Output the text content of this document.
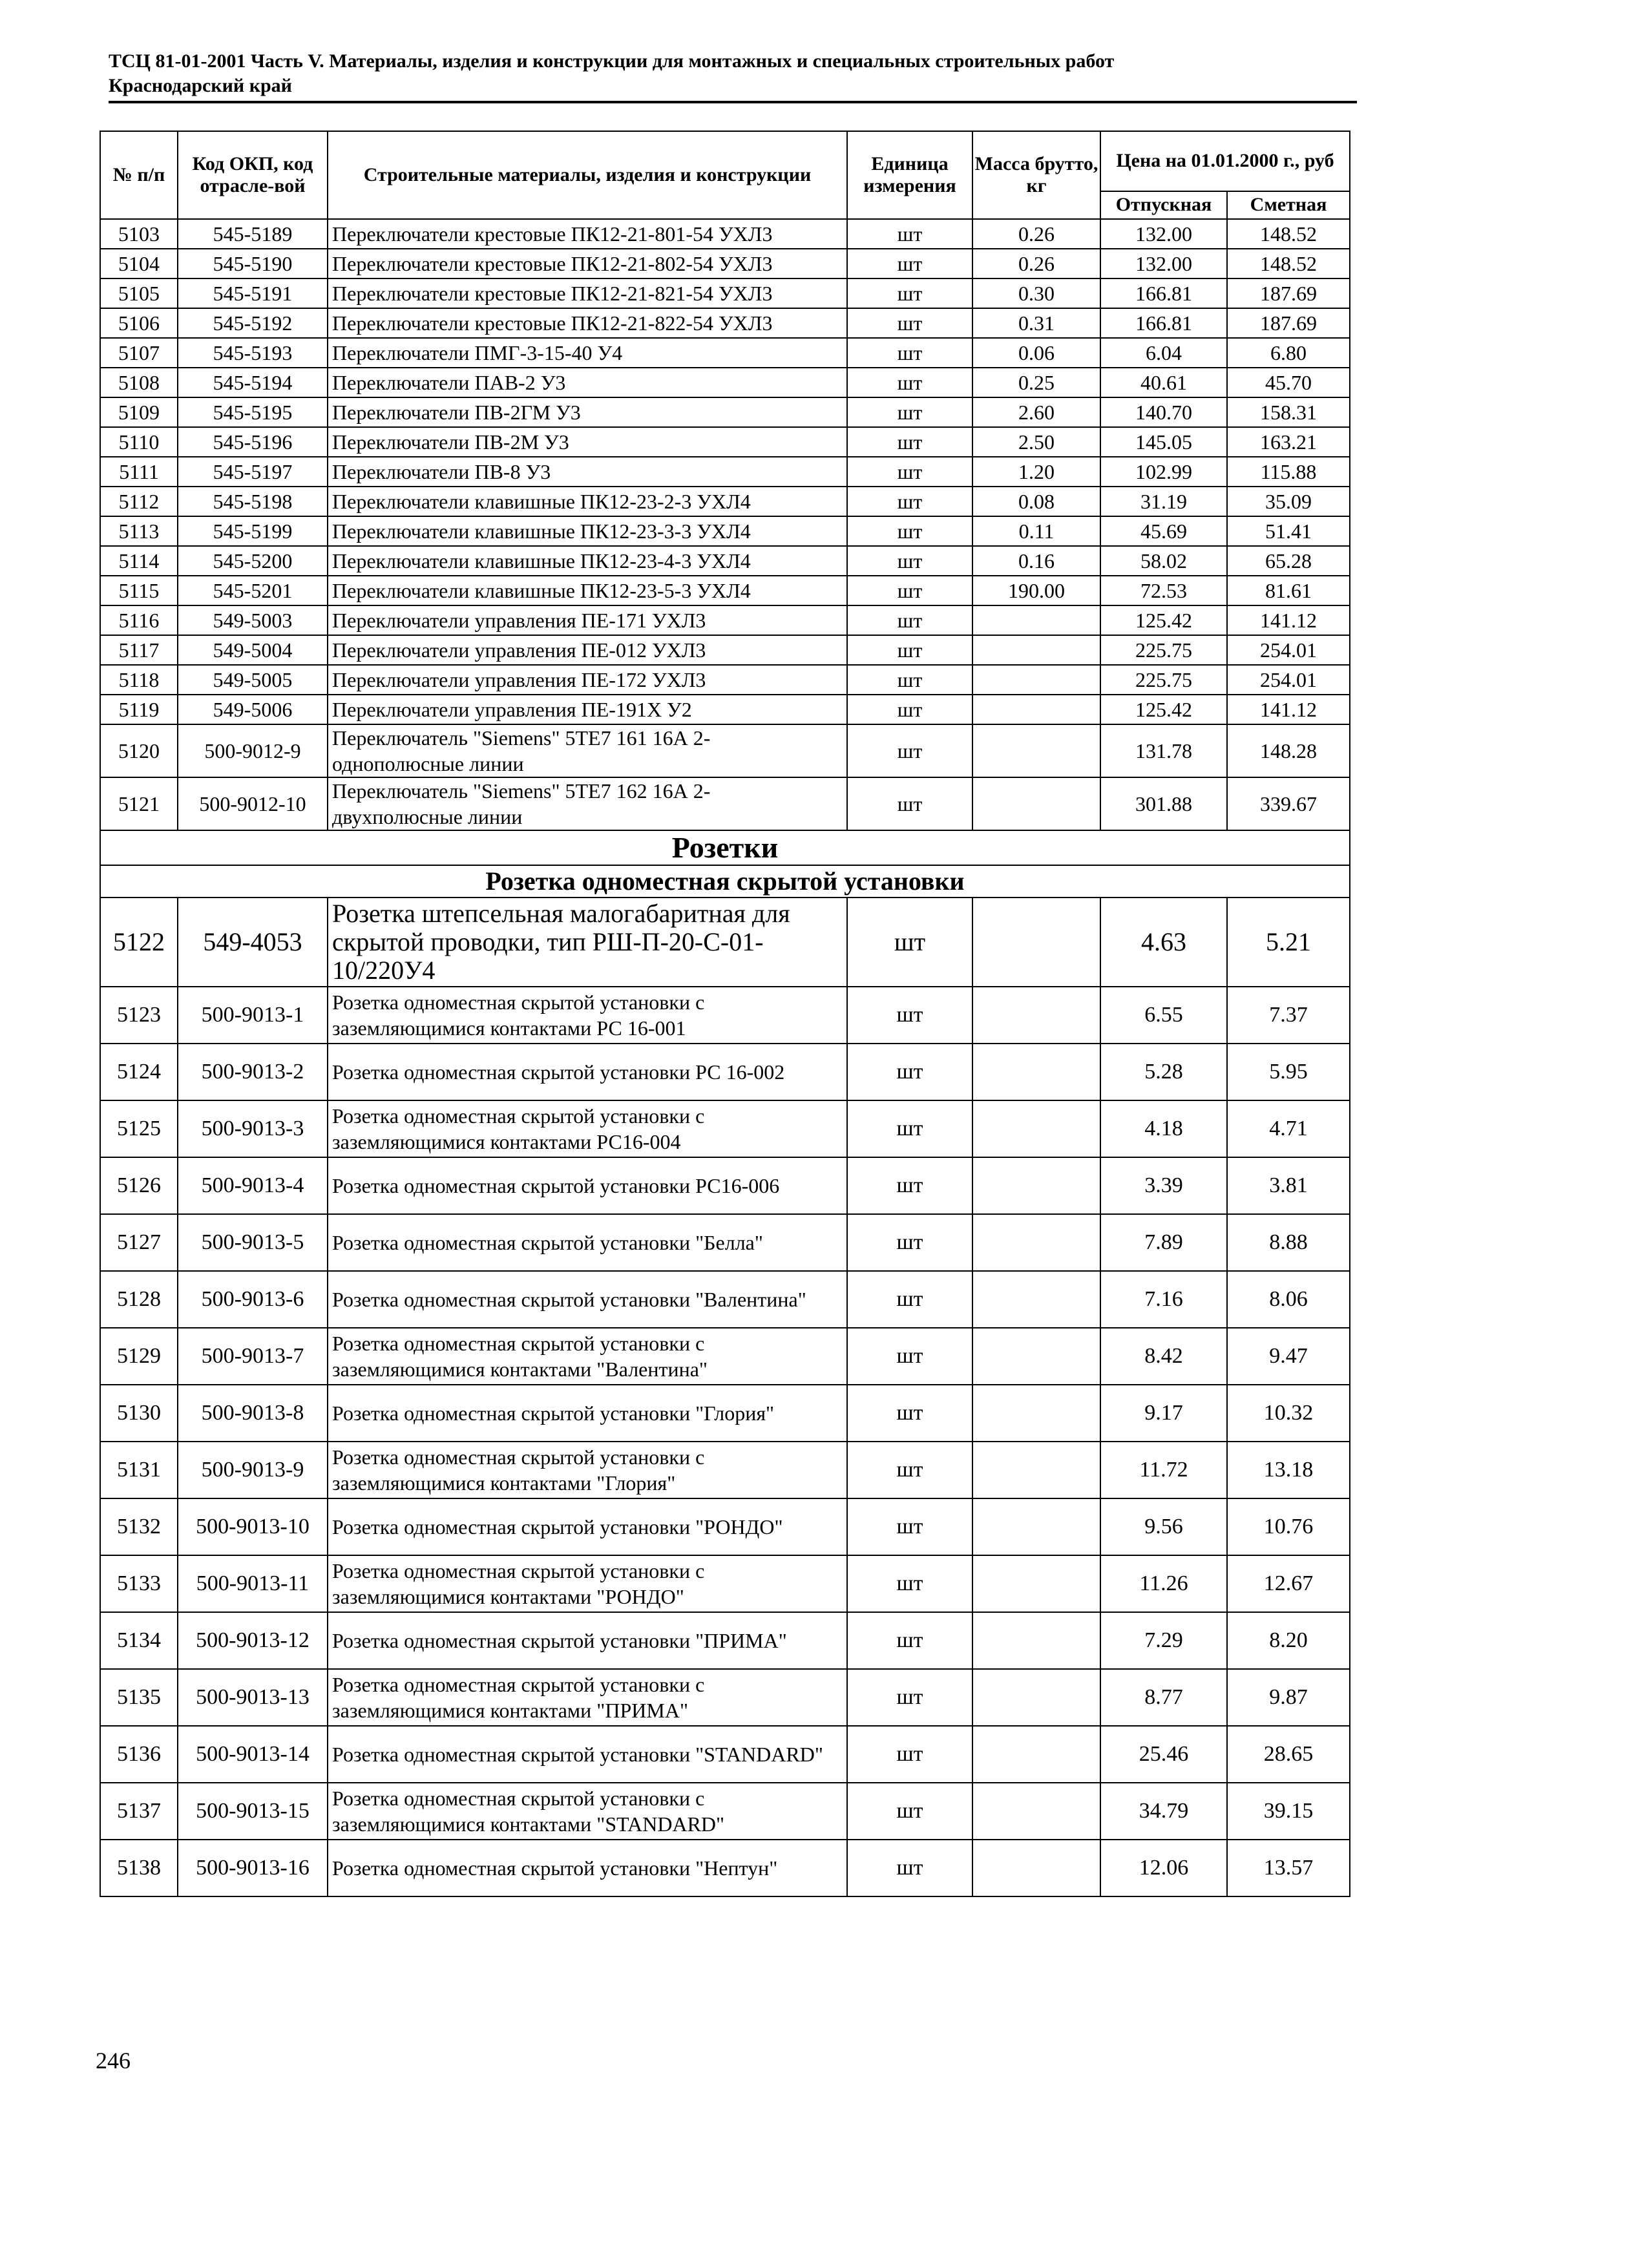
ТСЦ 81-01-2001 Часть V. Материалы, изделия и конструкции для монтажных и специальных строительных работ
Краснодарский край
№ п/п	Код ОКП, код отрасле-вой	Строительные материалы, изделия и конструкции	Единица измерения	Масса брутто, кг	Цена на 01.01.2000 г., руб	
					Отпускная	Сметная
5103	545-5189	Переключатели крестовые ПК12-21-801-54 УХЛ3	шт	0.26	132.00	148.52
5104	545-5190	Переключатели крестовые ПК12-21-802-54 УХЛ3	шт	0.26	132.00	148.52
5105	545-5191	Переключатели крестовые ПК12-21-821-54 УХЛ3	шт	0.30	166.81	187.69
5106	545-5192	Переключатели крестовые ПК12-21-822-54 УХЛ3	шт	0.31	166.81	187.69
5107	545-5193	Переключатели ПМГ-3-15-40 У4	шт	0.06	6.04	6.80
5108	545-5194	Переключатели ПАВ-2 У3	шт	0.25	40.61	45.70
5109	545-5195	Переключатели ПВ-2ГМ У3	шт	2.60	140.70	158.31
5110	545-5196	Переключатели ПВ-2М У3	шт	2.50	145.05	163.21
5111	545-5197	Переключатели ПВ-8 У3	шт	1.20	102.99	115.88
5112	545-5198	Переключатели клавишные ПК12-23-2-3 УХЛ4	шт	0.08	31.19	35.09
5113	545-5199	Переключатели клавишные ПК12-23-3-3 УХЛ4	шт	0.11	45.69	51.41
5114	545-5200	Переключатели клавишные ПК12-23-4-3 УХЛ4	шт	0.16	58.02	65.28
5115	545-5201	Переключатели клавишные ПК12-23-5-3 УХЛ4	шт	190.00	72.53	81.61
5116	549-5003	Переключатели управления ПЕ-171 УХЛ3	шт		125.42	141.12
5117	549-5004	Переключатели управления ПЕ-012 УХЛ3	шт		225.75	254.01
5118	549-5005	Переключатели управления ПЕ-172 УХЛ3	шт		225.75	254.01
5119	549-5006	Переключатели управления ПЕ-191Х У2	шт		125.42	141.12
5120	500-9012-9	Переключатель "Siemens" 5TE7 161 16А 2- однополюсные линии	шт		131.78	148.28
5121	500-9012-10	Переключатель "Siemens" 5TE7 162 16А 2- двухполюсные линии	шт		301.88	339.67
Розетки						
Розетка одноместная скрытой установки						
5122	549-4053	Розетка штепсельная малогабаритная для скрытой проводки, тип РШ-П-20-С-01-10/220У4	шт		4.63	5.21
5123	500-9013-1	Розетка одноместная скрытой установки с заземляющимися контактами РС 16-001	шт		6.55	7.37
5124	500-9013-2	Розетка одноместная скрытой установки РС 16-002	шт		5.28	5.95
5125	500-9013-3	Розетка одноместная скрытой установки с заземляющимися контактами РС16-004	шт		4.18	4.71
5126	500-9013-4	Розетка одноместная скрытой установки РС16-006	шт		3.39	3.81
5127	500-9013-5	Розетка одноместная скрытой установки "Белла"	шт		7.89	8.88
5128	500-9013-6	Розетка одноместная скрытой установки "Валентина"	шт		7.16	8.06
5129	500-9013-7	Розетка одноместная скрытой установки с заземляющимися контактами "Валентина"	шт		8.42	9.47
5130	500-9013-8	Розетка одноместная скрытой установки "Глория"	шт		9.17	10.32
5131	500-9013-9	Розетка одноместная скрытой установки с заземляющимися контактами "Глория"	шт		11.72	13.18
5132	500-9013-10	Розетка одноместная скрытой установки "РОНДО"	шт		9.56	10.76
5133	500-9013-11	Розетка одноместная скрытой установки с заземляющимися контактами "РОНДО"	шт		11.26	12.67
5134	500-9013-12	Розетка одноместная скрытой установки "ПРИМА"	шт		7.29	8.20
5135	500-9013-13	Розетка одноместная скрытой установки с заземляющимися контактами "ПРИМА"	шт		8.77	9.87
5136	500-9013-14	Розетка одноместная скрытой установки "STANDARD"	шт		25.46	28.65
5137	500-9013-15	Розетка одноместная скрытой установки с заземляющимися контактами "STANDARD"	шт		34.79	39.15
5138	500-9013-16	Розетка одноместная скрытой установки "Нептун"	шт		12.06	13.57
246
